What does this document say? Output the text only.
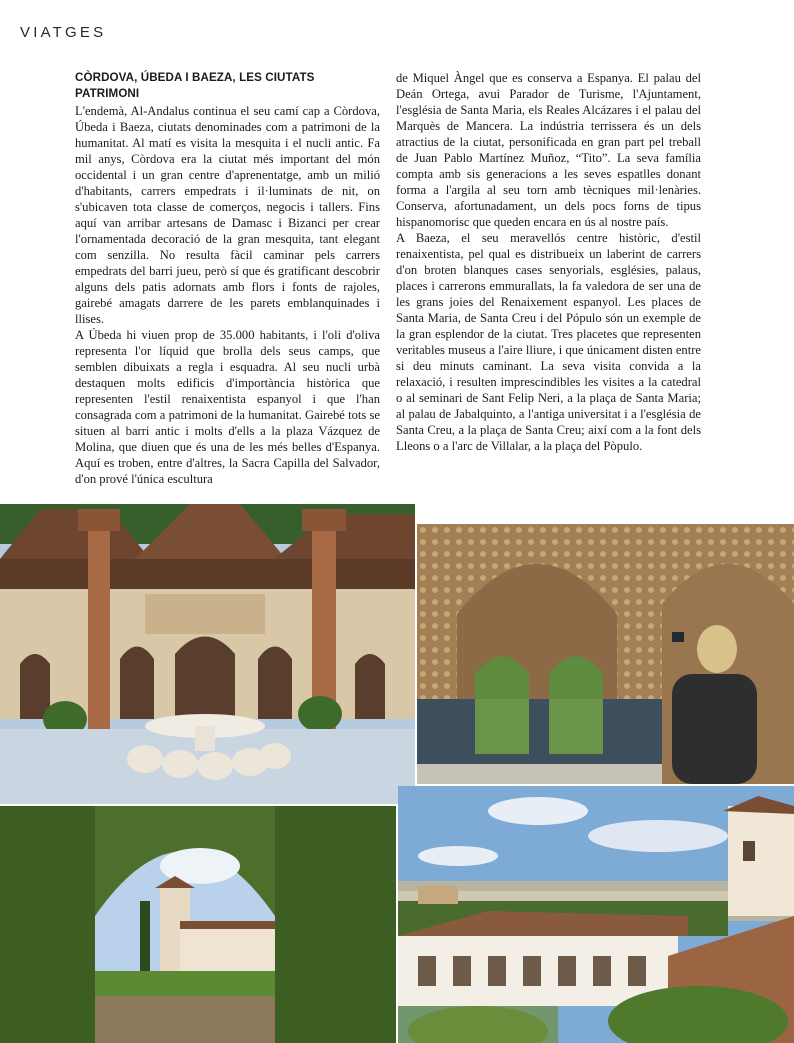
VIATGES

CÒRDOVA, ÚBEDA I BAEZA, LES CIUTATS PATRIMONI
L'endemà, Al-Andalus continua el seu camí cap a Còrdova, Úbeda i Baeza, ciutats denominades com a patrimoni de la humanitat. Al matí es visita la mesquita i el nucli antic. Fa mil anys, Còrdova era la ciutat més important del món occidental i un gran centre d'aprenentatge, amb un milió d'habitants, carrers empedrats i il·luminats de nit, on s'ubicaven tota classe de comerços, negocis i tallers. Fins aquí van arribar artesans de Damasc i Bizanci per crear l'ornamentada decoració de la gran mesquita, tant elegant com senzilla. No resulta fàcil caminar pels carrers empedrats del barri jueu, però sí que és gratificant descobrir alguns dels patis adornats amb flors i fonts de rajoles, gairebé amagats darrere de les parets emblanquinades i llises.

A Úbeda hi viuen prop de 35.000 habitants, i l'oli d'oliva representa l'or líquid que brolla dels seus camps, que semblen dibuixats a regla i esquadra. Al seu nucli urbà destaquen molts edificis d'importància històrica que representen l'estil renaixentista espanyol i que l'han consagrada com a patrimoni de la humanitat. Gairebé tots se situen al barri antic i molts d'ells a la plaza Vázquez de Molina, que diuen que és una de les més belles d'Espanya. Aquí es troben, entre d'altres, la Sacra Capilla del Salvador, d'on prové l'única escultura

de Miquel Àngel que es conserva a Espanya. El palau del Deán Ortega, avui Parador de Turisme, l'Ajuntament, l'església de Santa Maria, els Reales Alcázares i el palau del Marquès de Mancera. La indústria terrissera és un dels atractius de la ciutat, personificada en gran part pel treball de Juan Pablo Martínez Muñoz, “Tito”. La seva família compta amb sis generacions a les seves espatlles donant forma a l'argila al seu torn amb tècniques mil·lenàries. Conserva, afortunadament, un dels pocs forns de tipus hispanomorisc que queden encara en ús al nostre país.

A Baeza, el seu meravellós centre històric, d'estil renaixentista, pel qual es distribueix un laberint de carrers d'on broten blanques cases senyorials, esglésies, palaus, places i carrerons emmurallats, la fa valedora de ser una de les grans joies del Renaixement espanyol. Les places de Santa Maria, de Santa Creu i del Pópulo són un exemple de la gran esplendor de la ciutat. Tres placetes que representen veritables museus a l'aire lliure, i que únicament disten entre si deu minuts caminant. La seva visita convida a la relaxació, i resulten imprescindibles les visites a la catedral o al seminari de Sant Felip Neri, a la plaça de Santa Maria; al palau de Jabalquinto, a l'antiga universitat i a l'església de Santa Creu, a la plaça de Santa Creu; així com a la font dels Lleons o a l'arc de Villalar, a la plaça del Pòpulo.
